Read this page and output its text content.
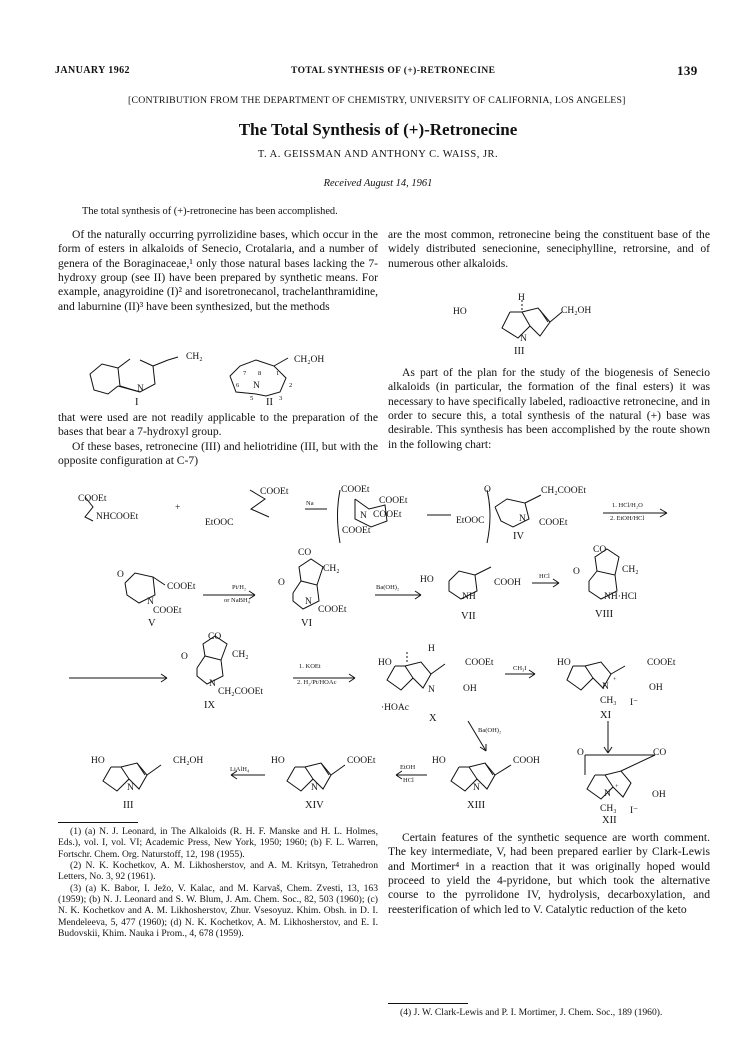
JANUARY 1962	TOTAL SYNTHESIS OF (+)-RETRONECINE	139
[CONTRIBUTION FROM THE DEPARTMENT OF CHEMISTRY, UNIVERSITY OF CALIFORNIA, LOS ANGELES]
The Total Synthesis of (+)-Retronecine
T. A. GEISSMAN AND ANTHONY C. WAISS, JR.
Received August 14, 1961
The total synthesis of (+)-retronecine has been accomplished.

Of the naturally occurring pyrrolizidine bases, which occur in the form of esters in alkaloids of Senecio, Crotalaria, and a number of genera of the Boraginaceae,¹ only those natural bases lacking the 7-hydroxy group (see II) have been prepared by synthetic means. For example, anagyroidine (I)² and isoretronecanol, trachelanthramidine, and laburnine (II)³ have been synthesized, but the methods

that were used are not readily applicable to the preparation of the bases that bear a 7-hydroxyl group.

Of these bases, retronecine (III) and heliotridine (III, but with the opposite configuration at C-7)

are the most common, retronecine being the constituent base of the widely distributed senecionine, seneciphylline, retrorsine, and of numerous other alkaloids.

As part of the plan for the study of the biogenesis of Senecio alkaloids (in particular, the formation of the final esters) it was necessary to have specifically labeled, radioactive retronecine, and in order to secure this, a total synthesis of the natural (+) base was desirable. This synthesis has been accomplished by the route shown in the following chart:

Certain features of the synthetic sequence are worth comment. The key intermediate, V, had been prepared earlier by Clark-Lewis and Mortimer⁴ in a reaction that it was originally hoped would proceed to yield the 4-pyridone, but which took the alternative course to the pyrrolidone IV, hydrolysis, decarboxylation, and reesterification of which led to V. Catalytic reduction of the keto

(1) (a) N. J. Leonard, in The Alkaloids (R. H. F. Manske and H. L. Holmes, Eds.), vol. I, vol. VI; Academic Press, New York, 1950; 1960; (b) F. L. Warren, Fortschr. Chem. Org. Naturstoff, 12, 198 (1955).

(2) N. K. Kochetkov, A. M. Likhosherstov, and A. M. Kritsyn, Tetrahedron Letters, No. 3, 92 (1961).

(3) (a) K. Babor, I. Ježo, V. Kalac, and M. Karvaš, Chem. Zvesti, 13, 163 (1959); (b) N. J. Leonard and S. W. Blum, J. Am. Chem. Soc., 82, 503 (1960); (c) N. K. Kochetkov and A. M. Likhosherstov, Zhur. Vsesoyuz. Khim. Obsh. in D. I. Mendeleeva, 5, 477 (1960); (d) N. K. Kochetkov, A. M. Likhosherstov, and E. I. Budovskii, Khim. Nauka i Prom., 4, 678 (1959).

(4) J. W. Clark-Lewis and P. I. Mortimer, J. Chem. Soc., 189 (1960).

CH₂	CH₂OH
N	N
8 1
2
3
5
6
7
I	II
HO
H
CH₂OH
N
III
COOEt
NHCOOEt
+
COOEt
EtOOC
Na
COOEt
COOEt
N COOEt
COOEt
O	CH₂COOEt
EtOOC	N COOEt
IV
1. HCl/H₂O
2. EtOH/HCl
O
COOEt
N
COOEt
V
Pt/H₂
or NaBH₄
CO
O
CH₂
N
COOEt
VI
Ba(OH)₂
HO	COOH
NH
VII
HCl
CO
O	CH₂
NH·HCl
VIII
CO
O	CH₂
N
CH₂COOEt
IX
1. KOEt
2. H₂/Pt/HOAc
HO
H
COOEt
N	OH
·HOAc
X
CH₃I
HO	COOEt
N
+
OH
CH₃ I⁻
XI
Ba(OH)₂
HO	CH₂OH
N
III
LiAlH₄
HO	COOEt
N
XIV
EtOH
HCl
HO	COOH
N
XIII
O	CO
N
+
OH
CH₃ I⁻
XII
